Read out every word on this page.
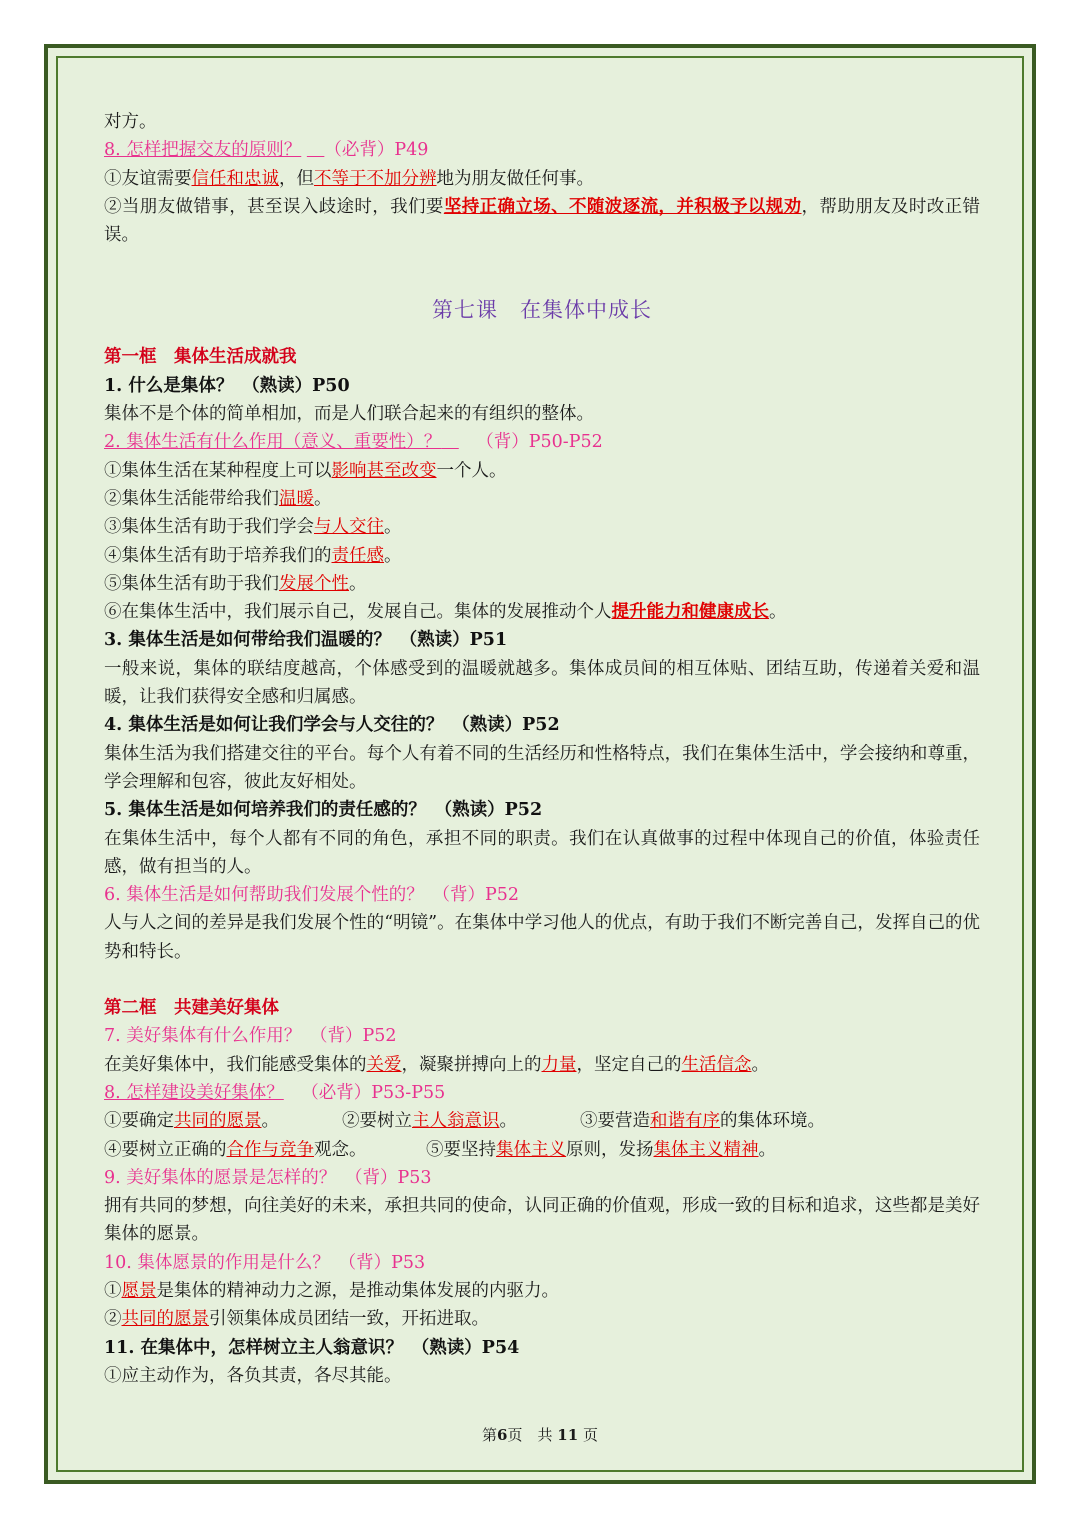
对方。
8. 怎样把握交友的原则？   （必背）P49
①友谊需要信任和忠诚，但不等于不加分辨地为朋友做任何事。
②当朋友做错事，甚至误入歧途时，我们要坚持正确立场、不随波逐流，并积极予以规劝，帮助朋友及时改正错误。
第七课　在集体中成长
第一框　集体生活成就我
1. 什么是集体？　（熟读）P50
集体不是个体的简单相加，而是人们联合起来的有组织的整体。
2. 集体生活有什么作用（意义、重要性）？   （背）P50-P52
①集体生活在某种程度上可以影响甚至改变一个人。
②集体生活能带给我们温暖。
③集体生活有助于我们学会与人交往。
④集体生活有助于培养我们的责任感。
⑤集体生活有助于我们发展个性。
⑥在集体生活中，我们展示自己，发展自己。集体的发展推动个人提升能力和健康成长。
3. 集体生活是如何带给我们温暖的？　（熟读）P51
一般来说，集体的联结度越高，个体感受到的温暖就越多。集体成员间的相互体贴、团结互助，传递着关爱和温暖，让我们获得安全感和归属感。
4. 集体生活是如何让我们学会与人交往的？　（熟读）P52
集体生活为我们搭建交往的平台。每个人有着不同的生活经历和性格特点，我们在集体生活中，学会接纳和尊重，学会理解和包容，彼此友好相处。
5. 集体生活是如何培养我们的责任感的？　（熟读）P52
在集体生活中，每个人都有不同的角色，承担不同的职责。我们在认真做事的过程中体现自己的价值，体验责任感，做有担当的人。
6. 集体生活是如何帮助我们发展个性的？　（背）P52
人与人之间的差异是我们发展个性的“明镜”。在集体中学习他人的优点，有助于我们不断完善自己，发挥自己的优势和特长。
第二框　共建美好集体
7. 美好集体有什么作用？　（背）P52
在美好集体中，我们能感受集体的关爱，凝聚拼搏向上的力量，坚定自己的生活信念。
8. 怎样建设美好集体？  （必背）P53-P55
①要确定共同的愿景。	②要树立主人翁意识。	③要营造和谐有序的集体环境。
④要树立正确的合作与竞争观念。	⑤要坚持集体主义原则，发扬集体主义精神。
9. 美好集体的愿景是怎样的？　（背）P53
拥有共同的梦想，向往美好的未来，承担共同的使命，认同正确的价值观，形成一致的目标和追求，这些都是美好集体的愿景。
10. 集体愿景的作用是什么？　（背）P53
①愿景是集体的精神动力之源，是推动集体发展的内驱力。
②共同的愿景引领集体成员团结一致，开拓进取。
11. 在集体中，怎样树立主人翁意识？　（熟读）P54
①应主动作为，各负其责，各尽其能。
第6页　共 11 页
